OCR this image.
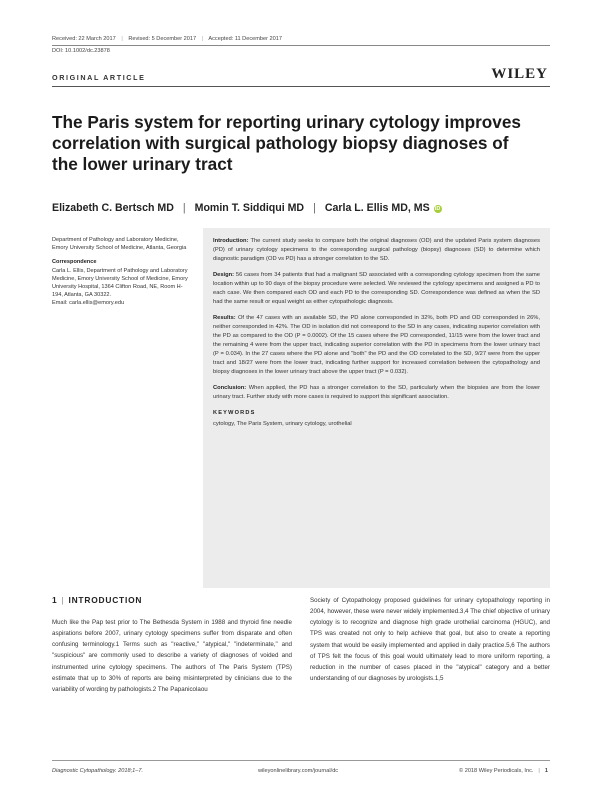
Received: 22 March 2017 | Revised: 5 December 2017 | Accepted: 11 December 2017
DOI: 10.1002/dc.23878
ORIGINAL ARTICLE	WILEY
The Paris system for reporting urinary cytology improves correlation with surgical pathology biopsy diagnoses of the lower urinary tract
Elizabeth C. Bertsch MD | Momin T. Siddiqui MD | Carla L. Ellis MD, MS iD

Department of Pathology and Laboratory Medicine, Emory University School of Medicine, Atlanta, Georgia

Correspondence

Carla L. Ellis, Department of Pathology and Laboratory Medicine, Emory University School of Medicine, Emory University Hospital, 1364 Clifton Road, NE, Room H-194, Atlanta, GA 30322.

Email: carla.ellis@emory.edu

Introduction: The current study seeks to compare both the original diagnoses (OD) and the updated Paris system diagnoses (PD) of urinary cytology specimens to the corresponding surgical pathology (biopsy) diagnoses (SD) to determine which diagnostic paradigm (OD vs PD) has a stronger correlation to the SD.

Design: 56 cases from 34 patients that had a malignant SD associated with a corresponding cytology specimen from the same location within up to 90 days of the biopsy procedure were selected. We reviewed the cytology specimens and assigned a PD to each case. We then compared each OD and each PD to the corresponding SD. Correspondence was defined as when the SD had the same result or equal weight as either cytopathologic diagnosis.

Results: Of the 47 cases with an available SD, the PD alone corresponded in 32%, both PD and OD corresponded in 26%, neither corresponded in 42%. The OD in isolation did not correspond to the SD in any cases, indicating superior correlation with the PD as compared to the OD (P = 0.0002). Of the 15 cases where the PD corresponded, 11/15 were from the lower tract and the remaining 4 were from the upper tract, indicating superior correlation with the PD in specimens from the lower urinary tract (P = 0.034). In the 27 cases where the PD alone and "both" the PD and the OD correlated to the SD, 9/27 were from the upper tract and 18/27 were from the lower tract, indicating further support for increased correlation between the cytopathology and biopsy diagnoses in the lower urinary tract above the upper tract (P = 0.032).

Conclusion: When applied, the PD has a stronger correlation to the SD, particularly when the biopsies are from the lower urinary tract. Further study with more cases is required to support this significant association.

KEYWORDS
cytology, The Paris System, urinary cytology, urothelial
1 | INTRODUCTION

Much like the Pap test prior to The Bethesda System in 1988 and thyroid fine needle aspirations before 2007, urinary cytology specimens suffer from disparate and often confusing terminology.1 Terms such as "reactive," "atypical," "indeterminate," and "suspicious" are commonly used to describe a variety of diagnoses of voided and instrumented urine cytology specimens. The authors of The Paris System (TPS) estimate that up to 30% of reports are being misinterpreted by clinicians due to the variability of wording by pathologists.2 The Papanicolaou

Society of Cytopathology proposed guidelines for urinary cytopathology reporting in 2004, however, these were never widely implemented.3,4 The chief objective of urinary cytology is to recognize and diagnose high grade urothelial carcinoma (HGUC), and TPS was created not only to help achieve that goal, but also to create a reporting system that would be easily implemented and applied in daily practice.5,6 The authors of TPS felt the focus of this goal would ultimately lead to more uniform reporting, a reduction in the number of cases placed in the "atypical" category and a better understanding of our diagnoses by urologists.1,5

Diagnostic Cytopathology. 2018;1–7.	wileyonlinelibrary.com/journal/dc	© 2018 Wiley Periodicals, Inc. | 1
